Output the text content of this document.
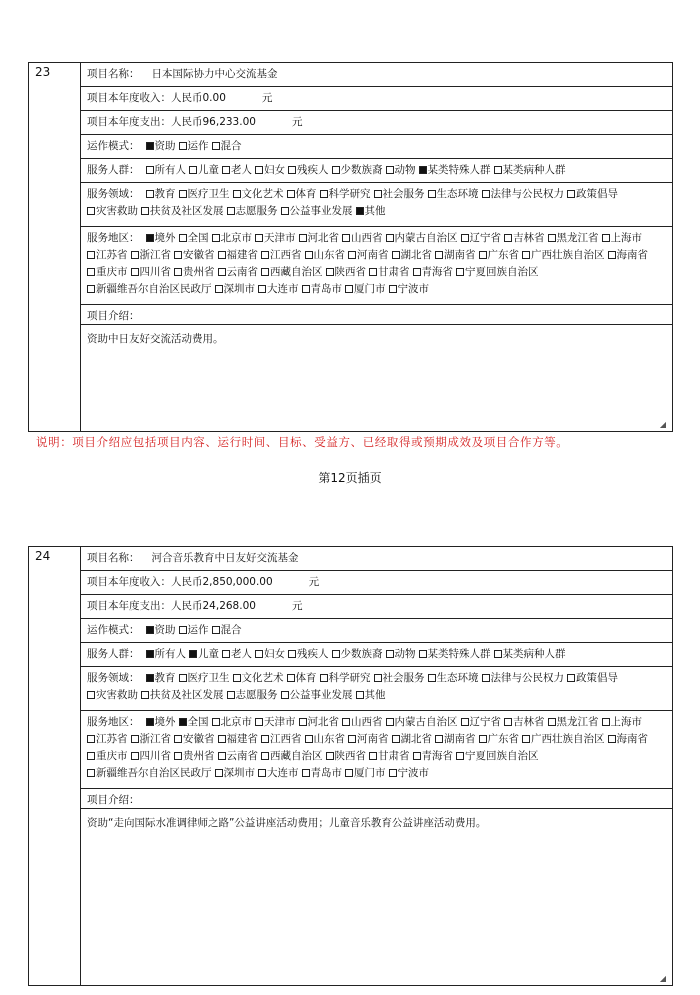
23	项目名称： 日本国际协力中心交流基金
项目本年度收入：人民币0.00	元
项目本年度支出：人民币96,233.00	元
运作模式： 资助 运作 混合
服务人群： 所有人 儿童 老人 妇女 残疾人 少数族裔 动物 某类特殊人群 某类病种人群
服务领域： 教育 医疗卫生 文化艺术 体育 科学研究 社会服务 生态环境 法律与公民权力 政策倡导灾害救助 扶贫及社区发展 志愿服务 公益事业发展 其他
服务地区： 境外 全国 北京市 天津市 河北省 山西省 内蒙古自治区 辽宁省 吉林省 黑龙江省 上海市江苏省 浙江省 安徽省 福建省 江西省 山东省 河南省 湖北省 湖南省 广东省 广西壮族自治区 海南省重庆市 四川省 贵州省 云南省 西藏自治区 陕西省 甘肃省 青海省 宁夏回族自治区新疆维吾尔自治区民政厅 深圳市 大连市 青岛市 厦门市 宁波市
项目介绍：
资助中日友好交流活动费用。
◢
说明：项目介绍应包括项目内容、运行时间、目标、受益方、已经取得或预期成效及项目合作方等。
第12页插页
24	项目名称： 河合音乐教育中日友好交流基金
项目本年度收入：人民币2,850,000.00	元
项目本年度支出：人民币24,268.00	元
运作模式： 资助 运作 混合
服务人群： 所有人 儿童 老人 妇女 残疾人 少数族裔 动物 某类特殊人群 某类病种人群
服务领域： 教育 医疗卫生 文化艺术 体育 科学研究 社会服务 生态环境 法律与公民权力 政策倡导灾害救助 扶贫及社区发展 志愿服务 公益事业发展 其他
服务地区： 境外 全国 北京市 天津市 河北省 山西省 内蒙古自治区 辽宁省 吉林省 黑龙江省 上海市江苏省 浙江省 安徽省 福建省 江西省 山东省 河南省 湖北省 湖南省 广东省 广西壮族自治区 海南省重庆市 四川省 贵州省 云南省 西藏自治区 陕西省 甘肃省 青海省 宁夏回族自治区新疆维吾尔自治区民政厅 深圳市 大连市 青岛市 厦门市 宁波市
项目介绍：
资助“走向国际水准调律师之路”公益讲座活动费用；儿童音乐教育公益讲座活动费用。
◢
